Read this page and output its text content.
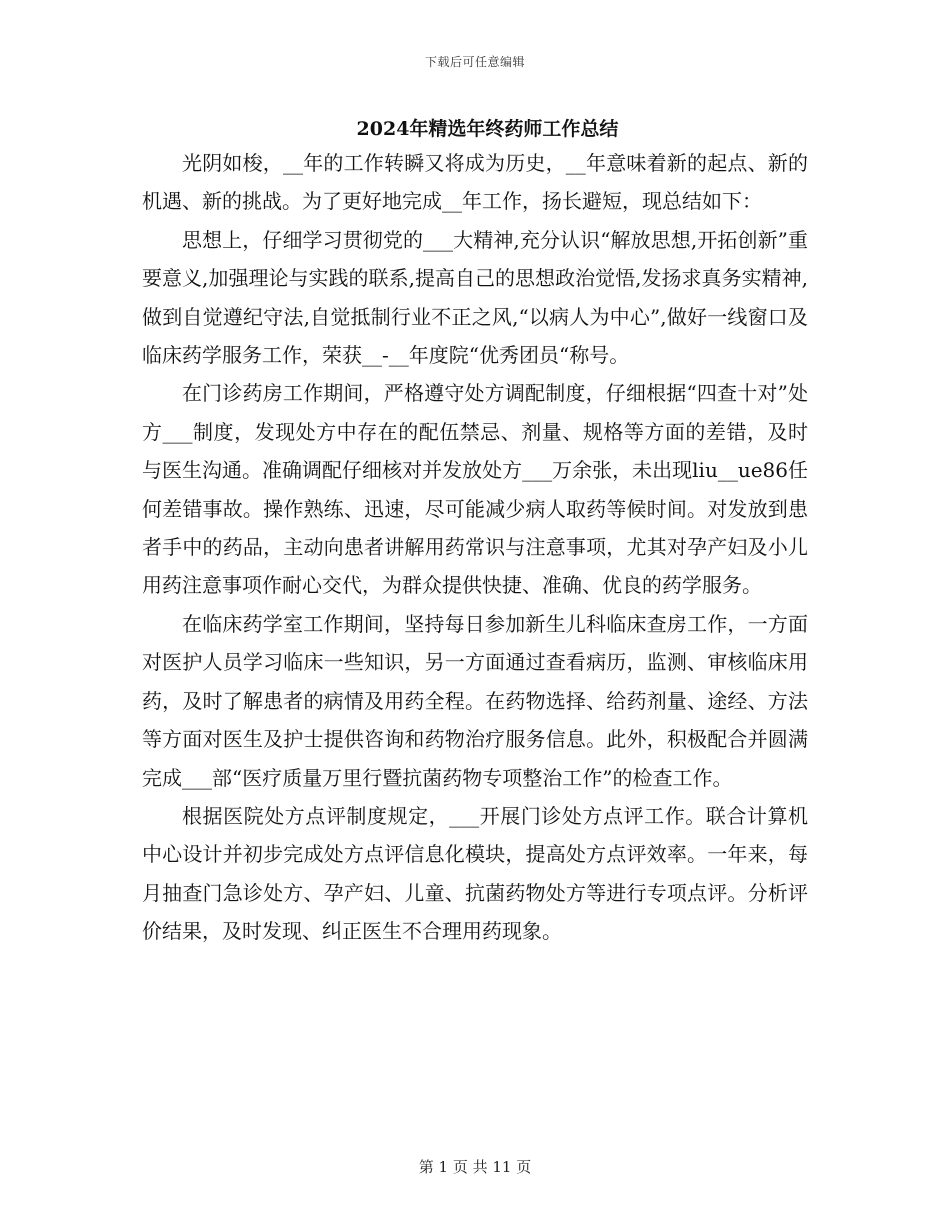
下载后可任意编辑
2024年精选年终药师工作总结

光阴如梭，__年的工作转瞬又将成为历史，__年意味着新的起点、新的机遇、新的挑战。为了更好地完成__年工作，扬长避短，现总结如下：

思想上，仔细学习贯彻党的___大精神,充分认识“解放思想,开拓创新”重要意义,加强理论与实践的联系,提高自己的思想政治觉悟,发扬求真务实精神,做到自觉遵纪守法,自觉抵制行业不正之风,“以病人为中心”,做好一线窗口及临床药学服务工作，荣获__-__年度院“优秀团员“称号。

在门诊药房工作期间，严格遵守处方调配制度，仔细根据“四查十对”处方___制度，发现处方中存在的配伍禁忌、剂量、规格等方面的差错，及时与医生沟通。准确调配仔细核对并发放处方___万余张，未出现liu__ue86任何差错事故。操作熟练、迅速，尽可能减少病人取药等候时间。对发放到患者手中的药品，主动向患者讲解用药常识与注意事项，尤其对孕产妇及小儿用药注意事项作耐心交代，为群众提供快捷、准确、优良的药学服务。

在临床药学室工作期间，坚持每日参加新生儿科临床查房工作，一方面对医护人员学习临床一些知识，另一方面通过查看病历，监测、审核临床用药，及时了解患者的病情及用药全程。在药物选择、给药剂量、途经、方法等方面对医生及护士提供咨询和药物治疗服务信息。此外，积极配合并圆满完成___部“医疗质量万里行暨抗菌药物专项整治工作”的检查工作。

根据医院处方点评制度规定，___开展门诊处方点评工作。联合计算机中心设计并初步完成处方点评信息化模块，提高处方点评效率。一年来，每月抽查门急诊处方、孕产妇、儿童、抗菌药物处方等进行专项点评。分析评价结果，及时发现、纠正医生不合理用药现象。

第 1 页 共 11 页
